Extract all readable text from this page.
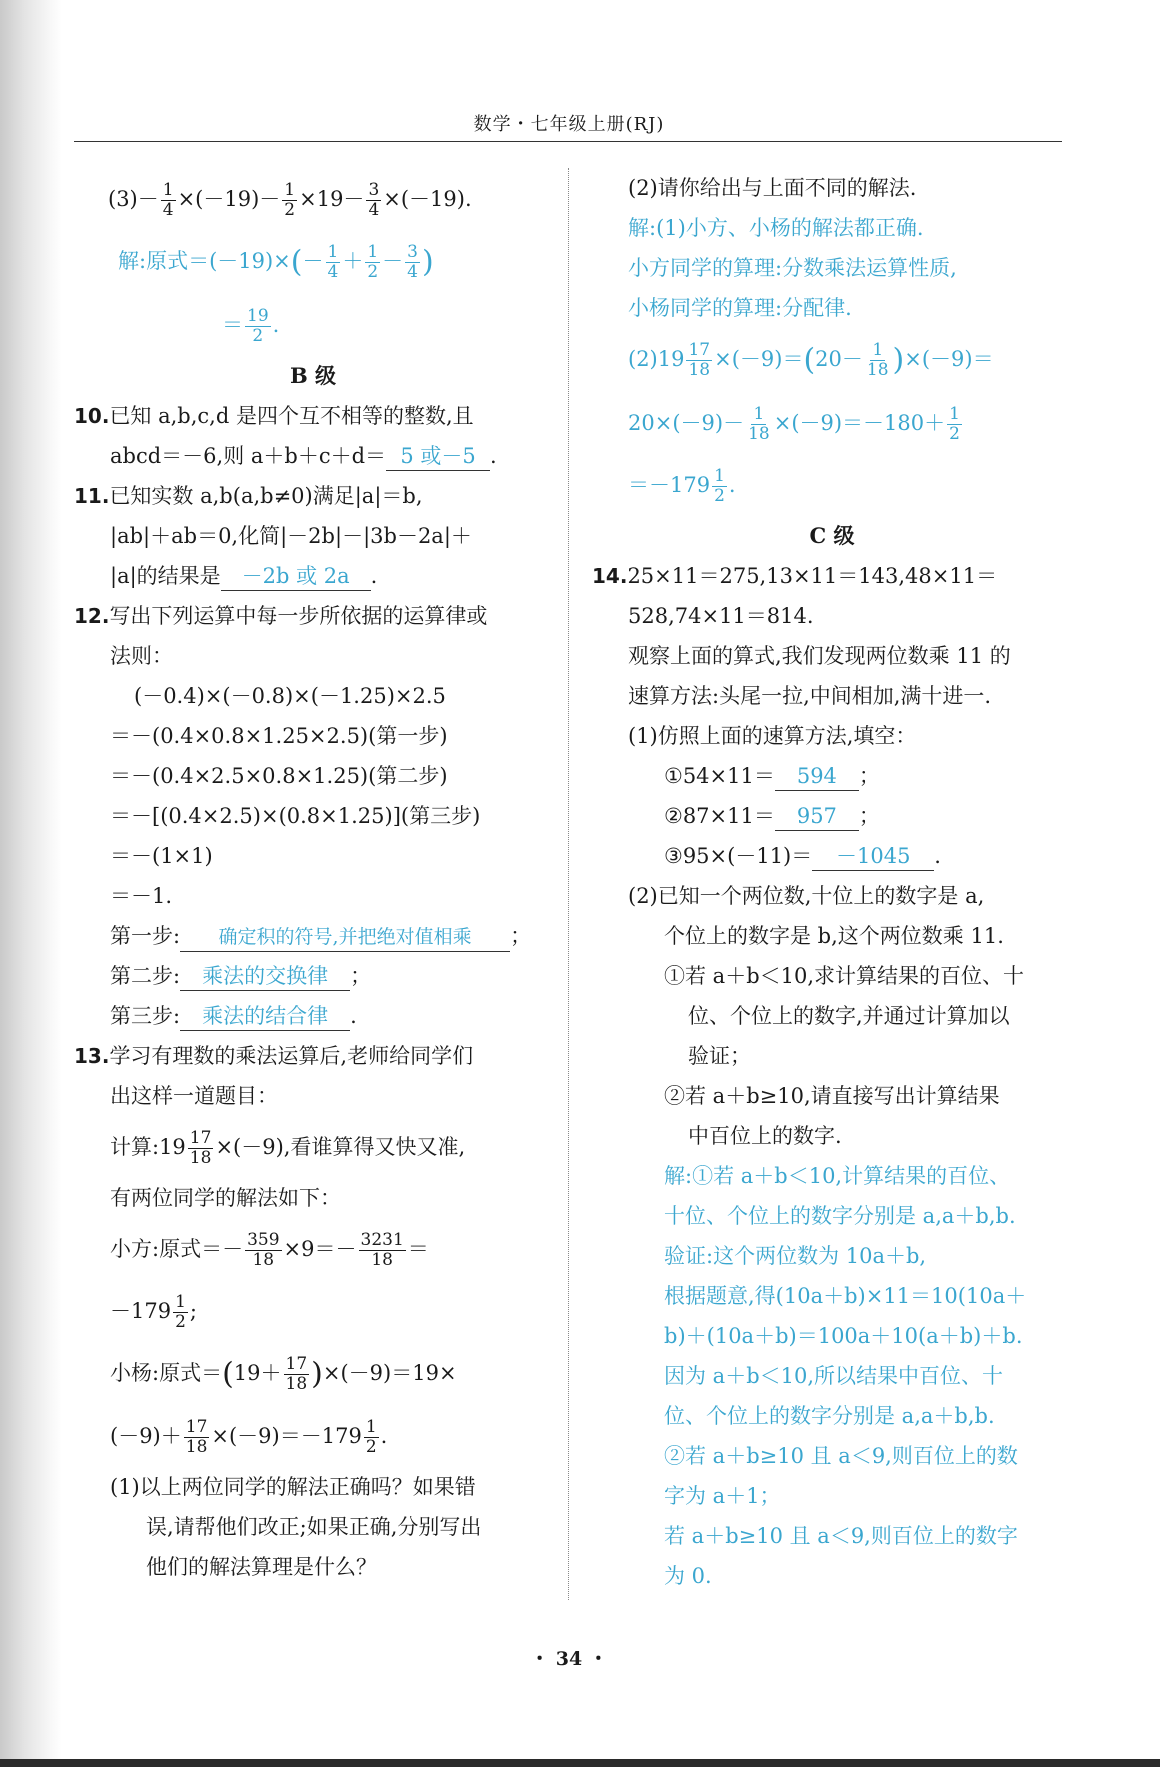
数学・七年级上册(RJ)
$(3)- \frac{1}{4} \times(-19)- \frac{1}{2} \times 19- \frac{3}{4} \times(-19)$.
解:原式$=(-19)\times(- \frac{1}{4} + \frac{1}{2} - \frac{3}{4}$ )
＝ $\frac{19}{2}$ .
B 级
10.已知 a,b,c,d 是四个互不相等的整数,且
abcd＝－6,则 a＋b＋c＋d＝ 5 或－5 .
11.已知实数 a,b(a,b≠0)满足|a|＝b,
|ab|＋ab＝0,化简|－2b|－|3b－2a|＋
|a|的结果是 －2b 或 2a .
12.写出下列运算中每一步所依据的运算律或
法则：
(－0.4)×(－0.8)×(－1.25)×2.5
＝－(0.4×0.8×1.25×2.5)(第一步)
＝－(0.4×2.5×0.8×1.25)(第二步)
＝－[(0.4×2.5)×(0.8×1.25)](第三步)
＝－(1×1)
＝－1.
第一步: 确定积的符号,并把绝对值相乘 ；
第二步: 乘法的交换律 ；
第三步: 乘法的结合律 .
13.学习有理数的乘法运算后,老师给同学们
出这样一道题目：
计算:19 $\frac{17}{18} \times(-9)$,看谁算得又快又准,
有两位同学的解法如下：
小方:原式＝－ $\frac{359}{18} \times 9=- \frac{3231}{18}$ ＝
$-179 \frac{1}{2}$ ;
小杨:原式$=(19+ \frac{17}{18} )\times(-9)=19\times$
$(-9)+ \frac{17}{18} \times(-9)=-179 \frac{1}{2}$ .
(1)以上两位同学的解法正确吗？如果错
误,请帮他们改正;如果正确,分别写出
他们的解法算理是什么？
(2)请你给出与上面不同的解法.
解:(1)小方、小杨的解法都正确.
小方同学的算理:分数乘法运算性质,
小杨同学的算理:分配律.
$(2)19 \frac{17}{18} \times(-9)=(20- \frac{1}{18} )\times(-9)=$
$20\times(-9)- \frac{1}{18} \times(-9)=-180+ \frac{1}{2}$
$=-179 \frac{1}{2}$ .
C 级
14.25×11＝275,13×11＝143,48×11＝
528,74×11＝814.
观察上面的算式,我们发现两位数乘 11 的
速算方法:头尾一拉,中间相加,满十进一.
(1)仿照上面的速算方法,填空：
①54×11＝ 594 ；
②87×11＝ 957 ；
③95×(－11)＝ －1045 .
(2)已知一个两位数,十位上的数字是 a,
个位上的数字是 b,这个两位数乘 11.
①若 a＋b＜10,求计算结果的百位、十
位、个位上的数字,并通过计算加以
验证；
②若 a＋b≥10,请直接写出计算结果
中百位上的数字.
解:①若 a＋b＜10,计算结果的百位、
十位、个位上的数字分别是 a,a＋b,b.
验证:这个两位数为 10a＋b,
根据题意,得(10a＋b)×11＝10(10a＋
b)＋(10a＋b)＝100a＋10(a＋b)＋b.
因为 a＋b＜10,所以结果中百位、十
位、个位上的数字分别是 a,a＋b,b.
②若 a＋b≥10 且 a＜9,则百位上的数
字为 a＋1；
若 a＋b≥10 且 a＜9,则百位上的数字
为 0.
・ 34 ・
